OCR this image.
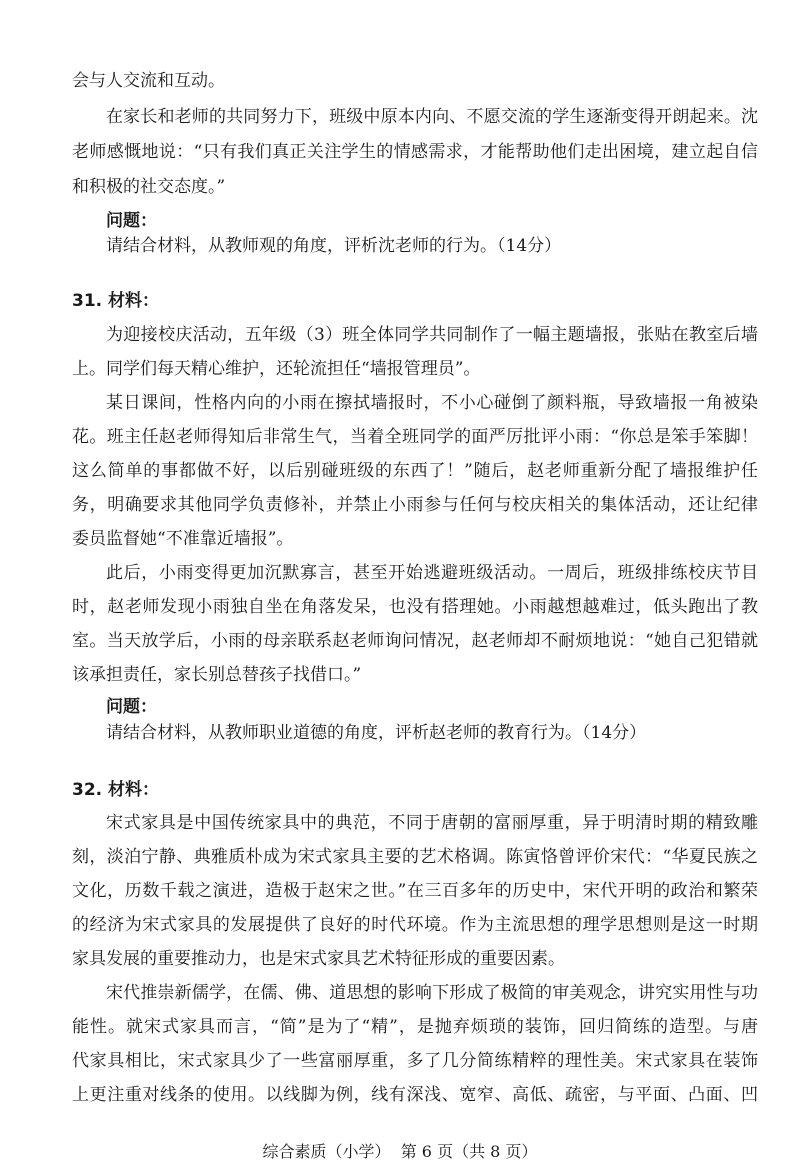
会与人交流和互动。
在家长和老师的共同努力下，班级中原本内向、不愿交流的学生逐渐变得开朗起来。沈
老师感慨地说：“只有我们真正关注学生的情感需求，才能帮助他们走出困境，建立起自信
和积极的社交态度。”
问题：
请结合材料，从教师观的角度，评析沈老师的行为。（14分）
31. 材料：
为迎接校庆活动，五年级（3）班全体同学共同制作了一幅主题墙报，张贴在教室后墙
上。同学们每天精心维护，还轮流担任“墙报管理员”。
某日课间，性格内向的小雨在擦拭墙报时，不小心碰倒了颜料瓶，导致墙报一角被染
花。班主任赵老师得知后非常生气，当着全班同学的面严厉批评小雨：“你总是笨手笨脚！
这么简单的事都做不好，以后别碰班级的东西了！”随后，赵老师重新分配了墙报维护任
务，明确要求其他同学负责修补，并禁止小雨参与任何与校庆相关的集体活动，还让纪律
委员监督她“不准靠近墙报”。
此后，小雨变得更加沉默寡言，甚至开始逃避班级活动。一周后，班级排练校庆节目
时，赵老师发现小雨独自坐在角落发呆，也没有搭理她。小雨越想越难过，低头跑出了教
室。当天放学后，小雨的母亲联系赵老师询问情况，赵老师却不耐烦地说：“她自己犯错就
该承担责任，家长别总替孩子找借口。”
问题：
请结合材料，从教师职业道德的角度，评析赵老师的教育行为。（14分）
32. 材料：
宋式家具是中国传统家具中的典范，不同于唐朝的富丽厚重，异于明清时期的精致雕
刻，淡泊宁静、典雅质朴成为宋式家具主要的艺术格调。陈寅恪曾评价宋代：“华夏民族之
文化，历数千载之演进，造极于赵宋之世。”在三百多年的历史中，宋代开明的政治和繁荣
的经济为宋式家具的发展提供了良好的时代环境。作为主流思想的理学思想则是这一时期
家具发展的重要推动力，也是宋式家具艺术特征形成的重要因素。
宋代推崇新儒学，在儒、佛、道思想的影响下形成了极简的审美观念，讲究实用性与功
能性。就宋式家具而言，“简”是为了“精”，是抛弃烦琐的装饰，回归简练的造型。与唐
代家具相比，宋式家具少了一些富丽厚重，多了几分简练精粹的理性美。宋式家具在装饰
上更注重对线条的使用。以线脚为例，线有深浅、宽窄、高低、疏密，与平面、凸面、凹
综合素质（小学）  第 6 页（共 8 页）
